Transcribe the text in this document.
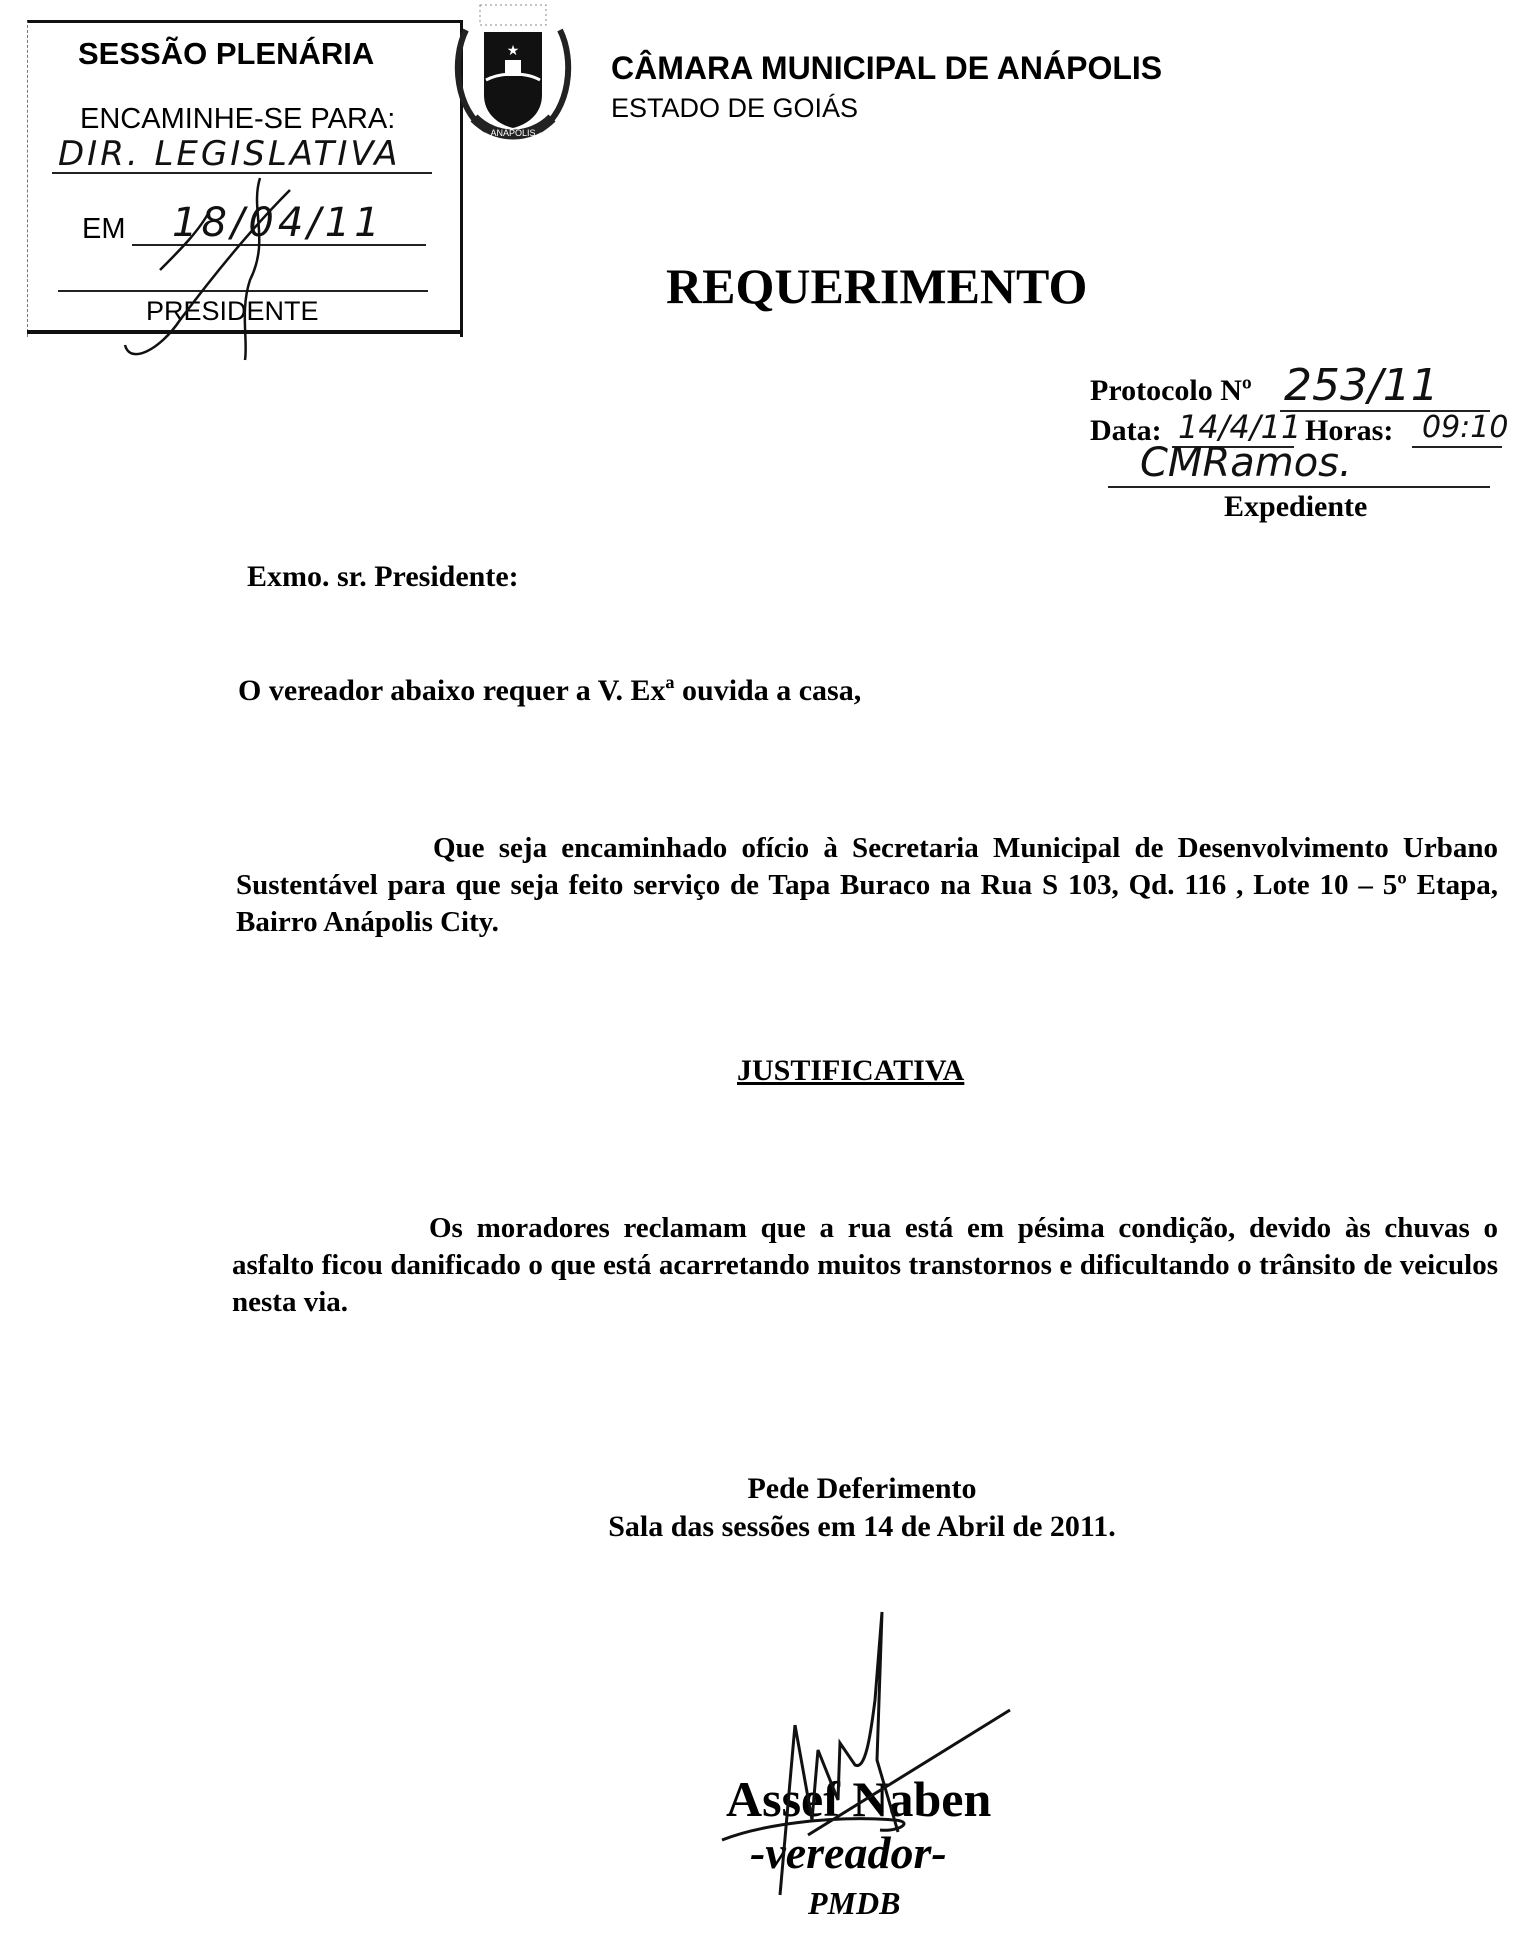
SESSÃO PLENÁRIA
ENCAMINHE-SE PARA:
DIR. LEGISLATIVA
EM 18/04/11
PRESIDENTE
★
ANÁPOLIS
CÂMARA MUNICIPAL DE ANÁPOLIS
ESTADO DE GOIÁS
REQUERIMENTO
Protocolo Nº 253/11
Data: 14/4/11 Horas: 09:10
CMRamos.
Expediente
Exmo. sr. Presidente:
O vereador abaixo requer a V. Exª ouvida a casa,
Que seja encaminhado ofício à Secretaria Municipal de Desenvolvimento Urbano Sustentável para que seja feito serviço de Tapa Buraco na Rua S 103, Qd. 116 , Lote 10 – 5º Etapa, Bairro Anápolis City.
JUSTIFICATIVA
Os moradores reclamam que a rua está em pésima condição, devido às chuvas o asfalto ficou danificado o que está acarretando muitos transtornos e dificultando o trânsito de veiculos nesta via.
Pede Deferimento
Sala das sessões em 14 de Abril de 2011.
Assef Naben
-vereador-
PMDB
